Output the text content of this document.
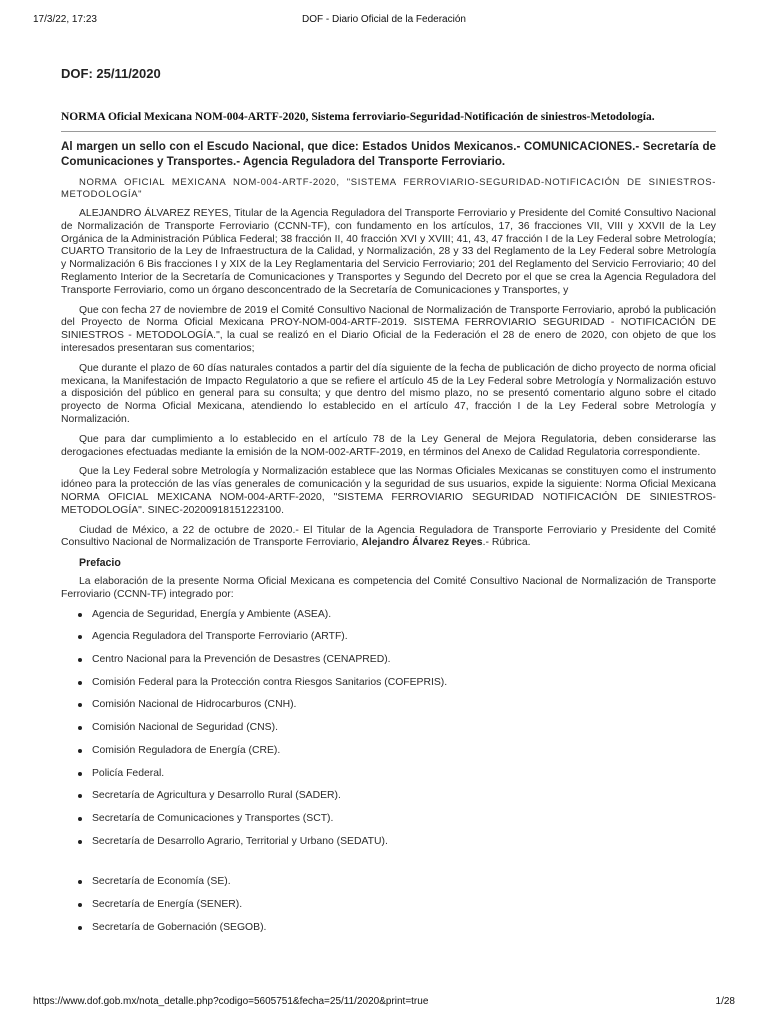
17/3/22, 17:23	DOF - Diario Oficial de la Federación
DOF: 25/11/2020
NORMA Oficial Mexicana NOM-004-ARTF-2020, Sistema ferroviario-Seguridad-Notificación de siniestros-Metodología.
Al margen un sello con el Escudo Nacional, que dice: Estados Unidos Mexicanos.- COMUNICACIONES.- Secretaría de Comunicaciones y Transportes.- Agencia Reguladora del Transporte Ferroviario.

NORMA OFICIAL MEXICANA NOM-004-ARTF-2020, "SISTEMA FERROVIARIO-SEGURIDAD-NOTIFICACIÓN DE SINIESTROS-METODOLOGÍA"

ALEJANDRO ÁLVAREZ REYES, Titular de la Agencia Reguladora del Transporte Ferroviario y Presidente del Comité Consultivo Nacional de Normalización de Transporte Ferroviario (CCNN-TF), con fundamento en los artículos, 17, 36 fracciones VII, VIII y XXVII de la Ley Orgánica de la Administración Pública Federal; 38 fracción II, 40 fracción XVI y XVIII; 41, 43, 47 fracción I de la Ley Federal sobre Metrología; CUARTO Transitorio de la Ley de Infraestructura de la Calidad, y Normalización, 28 y 33 del Reglamento de la Ley Federal sobre Metrología y Normalización 6 Bis fracciones I y XIX de la Ley Reglamentaria del Servicio Ferroviario; 201 del Reglamento del Servicio Ferroviario; 40 del Reglamento Interior de la Secretaría de Comunicaciones y Transportes y Segundo del Decreto por el que se crea la Agencia Reguladora del Transporte Ferroviario, como un órgano desconcentrado de la Secretaría de Comunicaciones y Transportes, y

Que con fecha 27 de noviembre de 2019 el Comité Consultivo Nacional de Normalización de Transporte Ferroviario, aprobó la publicación del Proyecto de Norma Oficial Mexicana PROY-NOM-004-ARTF-2019. SISTEMA FERROVIARIO SEGURIDAD - NOTIFICACIÓN DE SINIESTROS - METODOLOGÍA.", la cual se realizó en el Diario Oficial de la Federación el 28 de enero de 2020, con objeto de que los interesados presentaran sus comentarios;

Que durante el plazo de 60 días naturales contados a partir del día siguiente de la fecha de publicación de dicho proyecto de norma oficial mexicana, la Manifestación de Impacto Regulatorio a que se refiere el artículo 45 de la Ley Federal sobre Metrología y Normalización estuvo a disposición del público en general para su consulta; y que dentro del mismo plazo, no se presentó comentario alguno sobre el citado proyecto de Norma Oficial Mexicana, atendiendo lo establecido en el artículo 47, fracción I de la Ley Federal sobre Metrología y Normalización.

Que para dar cumplimiento a lo establecido en el artículo 78 de la Ley General de Mejora Regulatoria, deben considerarse las derogaciones efectuadas mediante la emisión de la NOM-002-ARTF-2019, en términos del Anexo de Calidad Regulatoria correspondiente.

Que la Ley Federal sobre Metrología y Normalización establece que las Normas Oficiales Mexicanas se constituyen como el instrumento idóneo para la protección de las vías generales de comunicación y la seguridad de sus usuarios, expide la siguiente: Norma Oficial Mexicana NORMA OFICIAL MEXICANA NOM-004-ARTF-2020, "SISTEMA FERROVIARIO SEGURIDAD NOTIFICACIÓN DE SINIESTROS-METODOLOGÍA". SINEC-20200918151223100.

Ciudad de México, a 22 de octubre de 2020.- El Titular de la Agencia Reguladora de Transporte Ferroviario y Presidente del Comité Consultivo Nacional de Normalización de Transporte Ferroviario, Alejandro Álvarez Reyes.- Rúbrica.

Prefacio

La elaboración de la presente Norma Oficial Mexicana es competencia del Comité Consultivo Nacional de Normalización de Transporte Ferroviario (CCNN-TF) integrado por:

Agencia de Seguridad, Energía y Ambiente (ASEA).
Agencia Reguladora del Transporte Ferroviario (ARTF).
Centro Nacional para la Prevención de Desastres (CENAPRED).
Comisión Federal para la Protección contra Riesgos Sanitarios (COFEPRIS).
Comisión Nacional de Hidrocarburos (CNH).
Comisión Nacional de Seguridad (CNS).
Comisión Reguladora de Energía (CRE).
Policía Federal.
Secretaría de Agricultura y Desarrollo Rural (SADER).
Secretaría de Comunicaciones y Transportes (SCT).
Secretaría de Desarrollo Agrario, Territorial y Urbano (SEDATU).
Secretaría de Economía (SE).
Secretaría de Energía (SENER).
Secretaría de Gobernación (SEGOB).
https://www.dof.gob.mx/nota_detalle.php?codigo=5605751&fecha=25/11/2020&print=true	1/28
